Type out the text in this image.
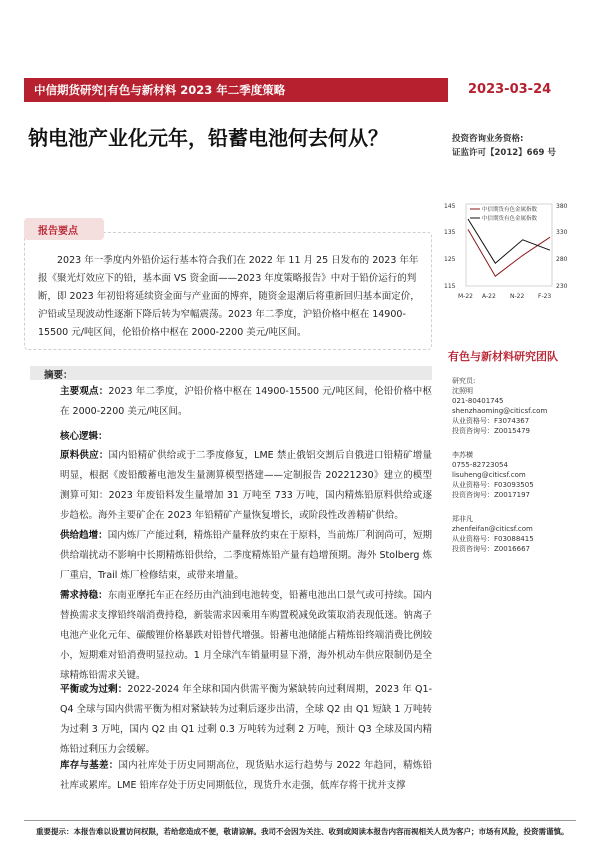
中信期货研究|有色与新材料 2023 年二季度策略	2023-03-24
钠电池产业化元年，铅蓄电池何去何从？	投资咨询业务资格:
证监许可【2012】669 号
报告要点
2023 年一季度内外铅价运行基本符合我们在 2022 年 11 月 25 日发布的 2023 年年报《聚光灯效应下的铅，基本面 VS 资金面——2023 年度策略报告》中对于铅价运行的判断，即 2023 年初铅将延续资金面与产业面的博弈，随资金退潮后将重新回归基本面定价，沪铅或呈现波动性逐渐下降后转为窄幅震荡。2023 年二季度，沪铅价格中枢在 14900-15500 元/吨区间，伦铅价格中枢在 2000-2200 美元/吨区间。
145
135
125
115
380
330
280
230
M-22 A-22 N-22 F-23
中信期货有色金属指数
中信期货有色金属指数
有色与新材料研究团队
研究员:
沈照明
021-80401745
shenzhaoming@citicsf.com
从业资格号：F3074367
投资咨询号：Z0015479
李苏横
0755-82723054
lisuheng@citicsf.com
从业资格号：F03093505
投资咨询号：Z0017197
郑非凡
zhenfeifan@citicsf.com
从业资格号：F03088415
投资咨询号：Z0016667
摘要：
主要观点：2023 年二季度，沪铅价格中枢在 14900-15500 元/吨区间，伦铅价格中枢在 2000-2200 美元/吨区间。
核心逻辑：
原料供应：国内铅精矿供给或于二季度修复，LME 禁止俄铝交割后自俄进口铅精矿增量明显，根据《废铅酸蓄电池发生量测算模型搭建——定制报告 20221230》建立的模型测算可知：2023 年废铅料发生量增加 31 万吨至 733 万吨，国内精炼铅原料供给或逐步趋松。海外主要矿企在 2023 年铅精矿产量恢复增长，或阶段性改善精矿供给。
供给趋增：国内炼厂产能过剩，精炼铅产量释放约束在于原料，当前炼厂利润尚可，短期供给端扰动不影响中长期精炼铅供给，二季度精炼铅产量有趋增预期。海外 Stolberg 炼厂重启，Trail 炼厂检修结束，或带来增量。
需求持稳：东南亚摩托车正在经历由汽油到电池转变，铅蓄电池出口景气或可持续。国内替换需求支撑铅终端消费持稳，新装需求因乘用车购置税减免政策取消表现低迷。钠离子电池产业化元年、碳酸锂价格暴跌对铅替代增强。铅蓄电池储能占精炼铅终端消费比例较小，短期难对铅消费明显拉动。1 月全球汽车销量明显下滑，海外机动车供应限制仍是全球精炼铅需求关键。
平衡或为过剩：2022-2024 年全球和国内供需平衡为紧缺转向过剩周期，2023 年 Q1-Q4 全球与国内供需平衡为相对紧缺转为过剩后逐步出清，全球 Q2 由 Q1 短缺 1 万吨转为过剩 3 万吨，国内 Q2 由 Q1 过剩 0.3 万吨转为过剩 2 万吨，预计 Q3 全球及国内精炼铅过剩压力会缓解。
库存与基差：国内社库处于历史同期高位，现货贴水运行趋势与 2022 年趋同，精炼铅社库或累库。LME 铅库存处于历史同期低位，现货升水走强，低库存将干扰并支撑
重要提示：本报告难以设置访问权限，若给您造成不便，敬请谅解。我司不会因为关注、收到或阅读本报告内容而视相关人员为客户；市场有风险，投资需谨慎。
